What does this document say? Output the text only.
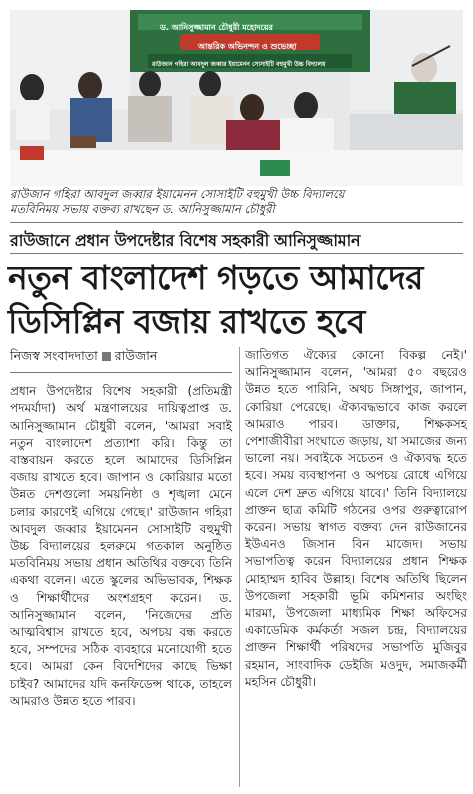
ড. আনিসুজ্জামান চৌধুরী মহোদয়ের
আন্তরিক অভিনন্দন ও শুভেচ্ছা
রাউজান গহিরা আবদুল জব্বার ইয়ামেনন সোসাইটি বহুমুখী উচ্চ বিদ্যালয়
রাউজান গহিরা আবদুল জব্বার ইয়ামেনন সোসাইটি বহুমুখী উচ্চ বিদ্যালয়ে
মতবিনিময় সভায় বক্তব্য রাখছেন ড. আনিসুজ্জামান চৌধুরী
রাউজানে প্রধান উপদেষ্টার বিশেষ সহকারী আনিসুজ্জামান
নতুন বাংলাদেশ গড়তে আমাদের
ডিসিপ্লিন বজায় রাখতে হবে
নিজস্ব সংবাদদাতা রাউজান

প্রধান উপদেষ্টার বিশেষ সহকারী (প্রতিমন্ত্রী পদমর্যাদা) অর্থ মন্ত্রণালয়ের দায়িত্বপ্রাপ্ত ড. আনিসুজ্জামান চৌধুরী বলেন, 'আমরা সবাই নতুন বাংলাদেশ প্রত্যাশা করি। কিন্তু তা বাস্তবায়ন করতে হলে আমাদের ডিসিপ্লিন বজায় রাখতে হবে। জাপান ও কোরিয়ার মতো উন্নত দেশগুলো সময়নিষ্ঠা ও শৃঙ্খলা মেনে চলার কারণেই এগিয়ে গেছে।' রাউজান গহিরা আবদুল জব্বার ইয়ামেনন সোসাইটি বহুমুখী উচ্চ বিদ্যালয়ের হলরুমে গতকাল অনুষ্ঠিত মতবিনিময় সভায় প্রধান অতিথির বক্তব্যে তিনি একথা বলেন। এতে স্কুলের অভিভাবক, শিক্ষক ও শিক্ষার্থীদের অংশগ্রহণ করেন। ড. আনিসুজ্জামান বলেন, 'নিজেদের প্রতি আত্মবিশ্বাস রাখতে হবে, অপচয় বন্ধ করতে হবে, সম্পদের সঠিক ব্যবহারে মনোযোগী হতে হবে। আমরা কেন বিদেশিদের কাছে ভিক্ষা চাইব? আমাদের যদি কনফিডেন্স থাকে, তাহলে আমরাও উন্নত হতে পারব।

জাতিগত ঐক্যের কোনো বিকল্প নেই।' আনিসুজ্জামান বলেন, 'আমরা ৫০ বছরেও উন্নত হতে পারিনি, অথচ সিঙ্গাপুর, জাপান, কোরিয়া পেরেছে। ঐক্যবদ্ধভাবে কাজ করলে আমরাও পারব। ডাক্তার, শিক্ষকসহ পেশাজীবীরা সংঘাতে জড়ায়, যা সমাজের জন্য ভালো নয়। সবাইকে সচেতন ও ঐক্যবদ্ধ হতে হবে। সময় ব্যবস্থাপনা ও অপচয় রোধে এগিয়ে এলে দেশ দ্রুত এগিয়ে যাবে।' তিনি বিদ্যালয়ে প্রাক্তন ছাত্র কমিটি গঠনের ওপর গুরুত্বারোপ করেন। সভায় স্বাগত বক্তব্য দেন রাউজানের ইউএনও জিসান বিন মাজেদ। সভায় সভাপতিত্ব করেন বিদ্যালয়ের প্রধান শিক্ষক মোহাম্মদ হাবিব উল্লাহ। বিশেষ অতিথি ছিলেন উপজেলা সহকারী ভূমি কমিশনার অংছিং মারমা, উপজেলা মাধ্যমিক শিক্ষা অফিসের একাডেমিক কর্মকর্তা সজল চন্দ্র, বিদ্যালয়ের প্রাক্তন শিক্ষার্থী পরিষদের সভাপতি মুজিবুর রহমান, সাংবাদিক ডেইজি মওদুদ, সমাজকর্মী মহসিন চৌধুরী।
